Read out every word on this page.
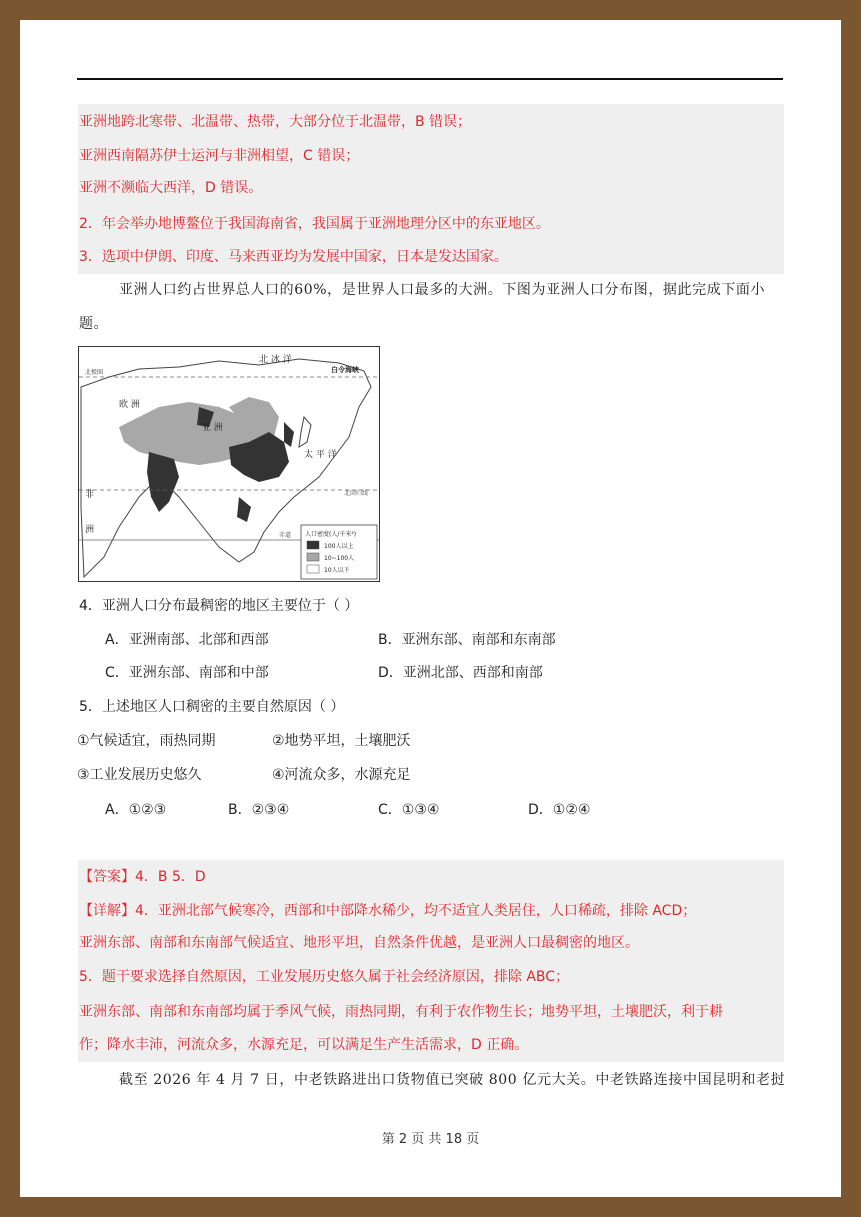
亚洲地跨北寒带、北温带、热带，大部分位于北温带，B 错误；
亚洲西南隔苏伊士运河与非洲相望，C 错误；
亚洲不濒临大西洋，D 错误。
2．年会举办地博鳌位于我国海南省，我国属于亚洲地理分区中的东亚地区。
3．选项中伊朗、印度、马来西亚均为发展中国家，日本是发达国家。
亚洲人口约占世界总人口的60%，是世界人口最多的大洲。下图为亚洲人口分布图，据此完成下面小
题。
北 冰 洋
白令海峡
北极圈
欧 洲
亚 洲
太 平 洋
北回归线
非
洲
赤道 人口密度(人/千米²)
100人以上
10~100人
10人以下
4．亚洲人口分布最稠密的地区主要位于（ ）
A．亚洲南部、北部和西部	B．亚洲东部、南部和东南部
C．亚洲东部、南部和中部	D．亚洲北部、西部和南部
5．上述地区人口稠密的主要自然原因（ ）
①气候适宜，雨热同期	②地势平坦，土壤肥沃
③工业发展历史悠久	④河流众多，水源充足
A．①②③	B．②③④	C．①③④	D．①②④
【答案】4．B 5．D
【详解】4．亚洲北部气候寒冷，西部和中部降水稀少，均不适宜人类居住，人口稀疏，排除 ACD；
亚洲东部、南部和东南部气候适宜、地形平坦，自然条件优越，是亚洲人口最稠密的地区。
5．题干要求选择自然原因，工业发展历史悠久属于社会经济原因，排除 ABC；
亚洲东部、南部和东南部均属于季风气候，雨热同期，有利于农作物生长；地势平坦，土壤肥沃，利于耕
作；降水丰沛，河流众多，水源充足，可以满足生产生活需求，D 正确。
截至 2026 年 4 月 7 日，中老铁路进出口货物值已突破 800 亿元大关。中老铁路连接中国昆明和老挝
第 2 页 共 18 页
